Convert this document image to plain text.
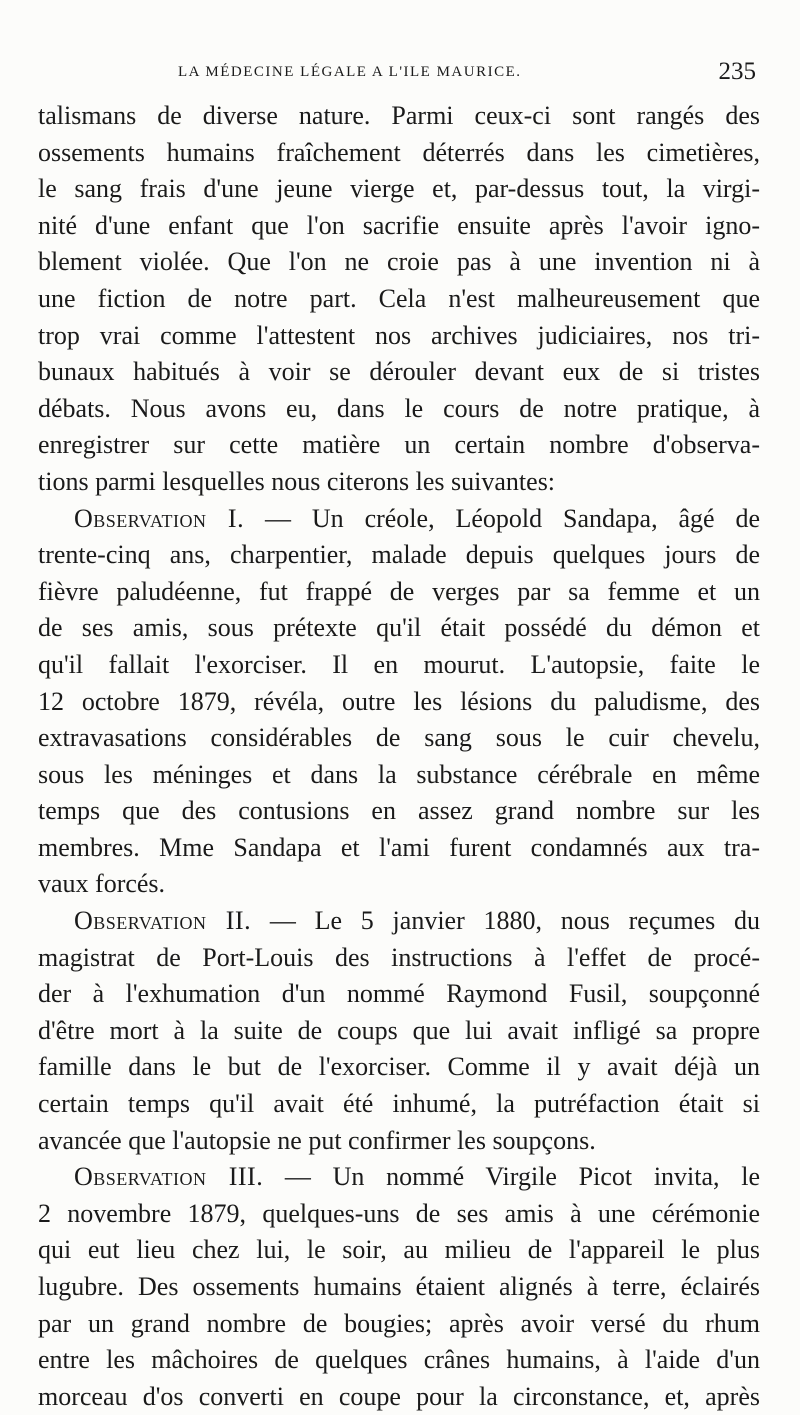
LA MÉDECINE LÉGALE A L'ILE MAURICE.	235

talismans de diverse nature. Parmi ceux-ci sont rangés des
ossements humains fraîchement déterrés dans les cimetières,
le sang frais d'une jeune vierge et, par-dessus tout, la virgi-
nité d'une enfant que l'on sacrifie ensuite après l'avoir igno-
blement violée. Que l'on ne croie pas à une invention ni à
une fiction de notre part. Cela n'est malheureusement que
trop vrai comme l'attestent nos archives judiciaires, nos tri-
bunaux habitués à voir se dérouler devant eux de si tristes
débats. Nous avons eu, dans le cours de notre pratique, à
enregistrer sur cette matière un certain nombre d'observa-
tions parmi lesquelles nous citerons les suivantes:

Observation I. — Un créole, Léopold Sandapa, âgé de
trente-cinq ans, charpentier, malade depuis quelques jours de
fièvre paludéenne, fut frappé de verges par sa femme et un
de ses amis, sous prétexte qu'il était possédé du démon et
qu'il fallait l'exorciser. Il en mourut. L'autopsie, faite le
12 octobre 1879, révéla, outre les lésions du paludisme, des
extravasations considérables de sang sous le cuir chevelu,
sous les méninges et dans la substance cérébrale en même
temps que des contusions en assez grand nombre sur les
membres. Mme Sandapa et l'ami furent condamnés aux tra-
vaux forcés.

Observation II. — Le 5 janvier 1880, nous reçumes du
magistrat de Port-Louis des instructions à l'effet de procé-
der à l'exhumation d'un nommé Raymond Fusil, soupçonné
d'être mort à la suite de coups que lui avait infligé sa propre
famille dans le but de l'exorciser. Comme il y avait déjà un
certain temps qu'il avait été inhumé, la putréfaction était si
avancée que l'autopsie ne put confirmer les soupçons.

Observation III. — Un nommé Virgile Picot invita, le
2 novembre 1879, quelques-uns de ses amis à une cérémonie
qui eut lieu chez lui, le soir, au milieu de l'appareil le plus
lugubre. Des ossements humains étaient alignés à terre, éclairés
par un grand nombre de bougies; après avoir versé du rhum
entre les mâchoires de quelques crânes humains, à l'aide d'un
morceau d'os converti en coupe pour la circonstance, et, après
